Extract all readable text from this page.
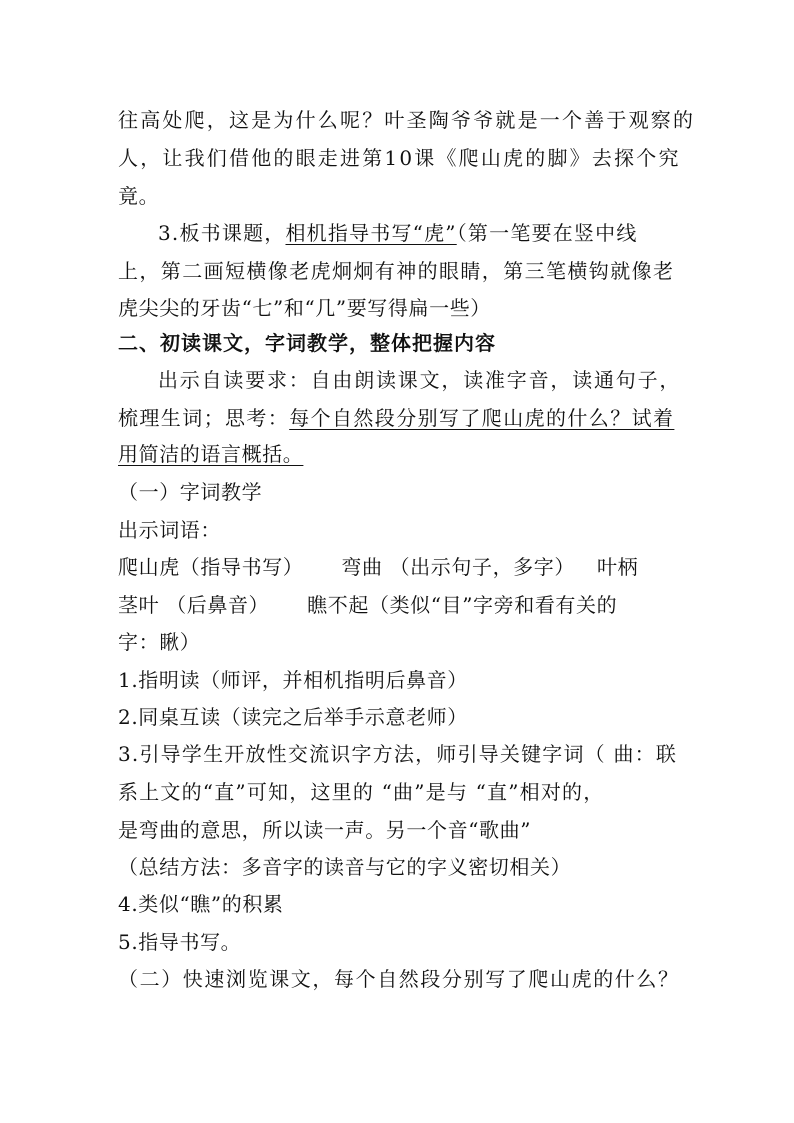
往高处爬，这是为什么呢？叶圣陶爷爷就是一个善于观察的
人，让我们借他的眼走进第10课《爬山虎的脚》去探个究
竟。
3.板书课题，相机指导书写“虎”（第一笔要在竖中线
上，第二画短横像老虎炯炯有神的眼睛，第三笔横钩就像老
虎尖尖的牙齿“七”和“几”要写得扁一些）
二、初读课文，字词教学，整体把握内容
出示自读要求：自由朗读课文，读准字音，读通句子，
梳理生词；思考：每个自然段分别写了爬山虎的什么？试着
用简洁的语言概括。
（一）字词教学
出示词语：
爬山虎（指导书写） 弯曲 （出示句子，多字） 叶柄
茎叶 （后鼻音） 瞧不起（类似“目”字旁和看有关的
字：瞅）
1.指明读（师评，并相机指明后鼻音）
2.同桌互读（读完之后举手示意老师）
3.引导学生开放性交流识字方法，师引导关键字词（ 曲：联
系上文的“直”可知，这里的 “曲”是与 “直”相对的，
是弯曲的意思，所以读一声。另一个音“歌曲”
（总结方法：多音字的读音与它的字义密切相关）
4.类似“瞧”的积累
5.指导书写。
（二）快速浏览课文，每个自然段分别写了爬山虎的什么？
